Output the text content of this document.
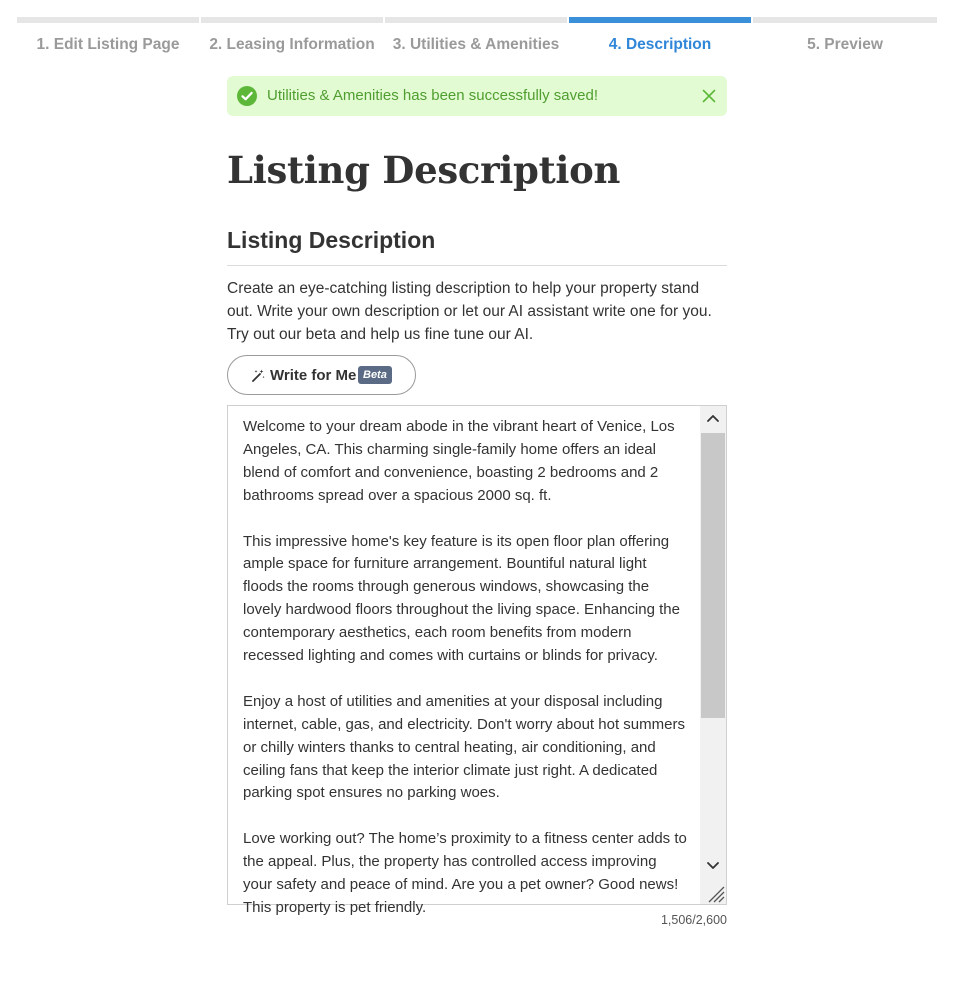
1. Edit Listing Page	2. Leasing Information	3. Utilities & Amenities	4. Description	5. Preview
Utilities & Amenities has been successfully saved!
Listing Description
Listing Description

Create an eye-catching listing description to help your property stand out. Write your own description or let our AI assistant write one for you. Try out our beta and help us fine tune our AI.

Write for Me Beta

Welcome to your dream abode in the vibrant heart of Venice, Los Angeles, CA. This charming single-family home offers an ideal blend of comfort and convenience, boasting 2 bedrooms and 2 bathrooms spread over a spacious 2000 sq. ft.

This impressive home's key feature is its open floor plan offering ample space for furniture arrangement. Bountiful natural light floods the rooms through generous windows, showcasing the lovely hardwood floors throughout the living space. Enhancing the contemporary aesthetics, each room benefits from modern recessed lighting and comes with curtains or blinds for privacy.

Enjoy a host of utilities and amenities at your disposal including internet, cable, gas, and electricity. Don't worry about hot summers or chilly winters thanks to central heating, air conditioning, and ceiling fans that keep the interior climate just right. A dedicated parking spot ensures no parking woes.

Love working out? The home’s proximity to a fitness center adds to the appeal. Plus, the property has controlled access improving your safety and peace of mind. Are you a pet owner? Good news! This property is pet friendly.

1,506/2,600
